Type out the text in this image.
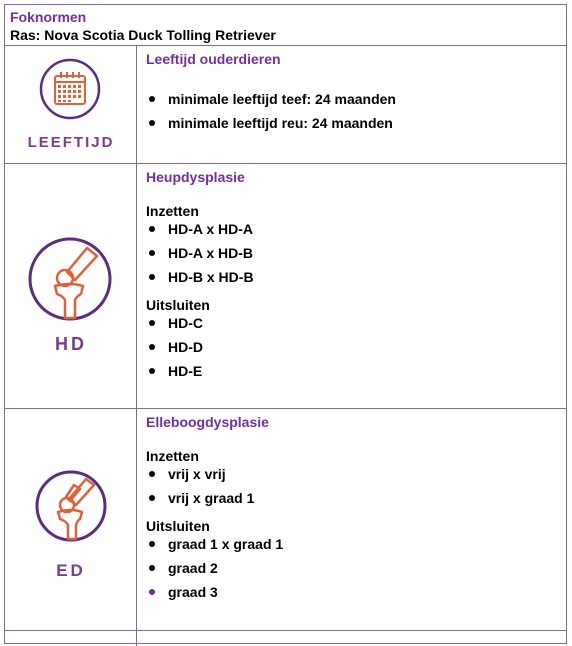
Foknormen
Ras: Nova Scotia Duck Tolling Retriever
LEEFTIJD
Leeftijd ouderdieren
minimale leeftijd teef: 24 maanden
minimale leeftijd reu: 24 maanden
HD
Heupdysplasie
Inzetten
HD-A x HD-A
HD-A x HD-B
HD-B x HD-B
Uitsluiten
HD-C
HD-D
HD-E
ED
Elleboogdysplasie
Inzetten
vrij x vrij
vrij x graad 1
Uitsluiten
graad 1 x graad 1
graad 2
graad 3
